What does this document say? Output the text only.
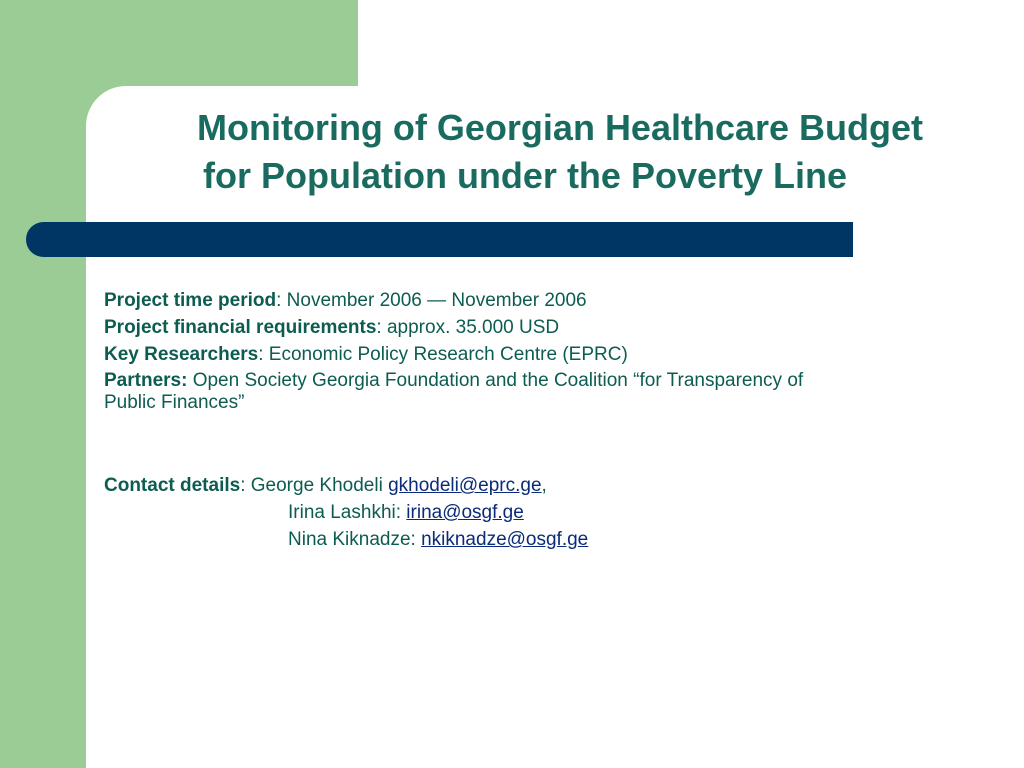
Monitoring of Georgian Healthcare Budget
for Population under the Poverty Line
Project time period: November 2006 — November 2006
Project financial requirements: approx. 35.000 USD
Key Researchers: Economic Policy Research Centre (EPRC)
Partners: Open Society Georgia Foundation and the Coalition “for Transparency of Public Finances”
Contact details: George Khodeli gkhodeli@eprc.ge,
Irina Lashkhi: irina@osgf.ge
Nina Kiknadze: nkiknadze@osgf.ge
